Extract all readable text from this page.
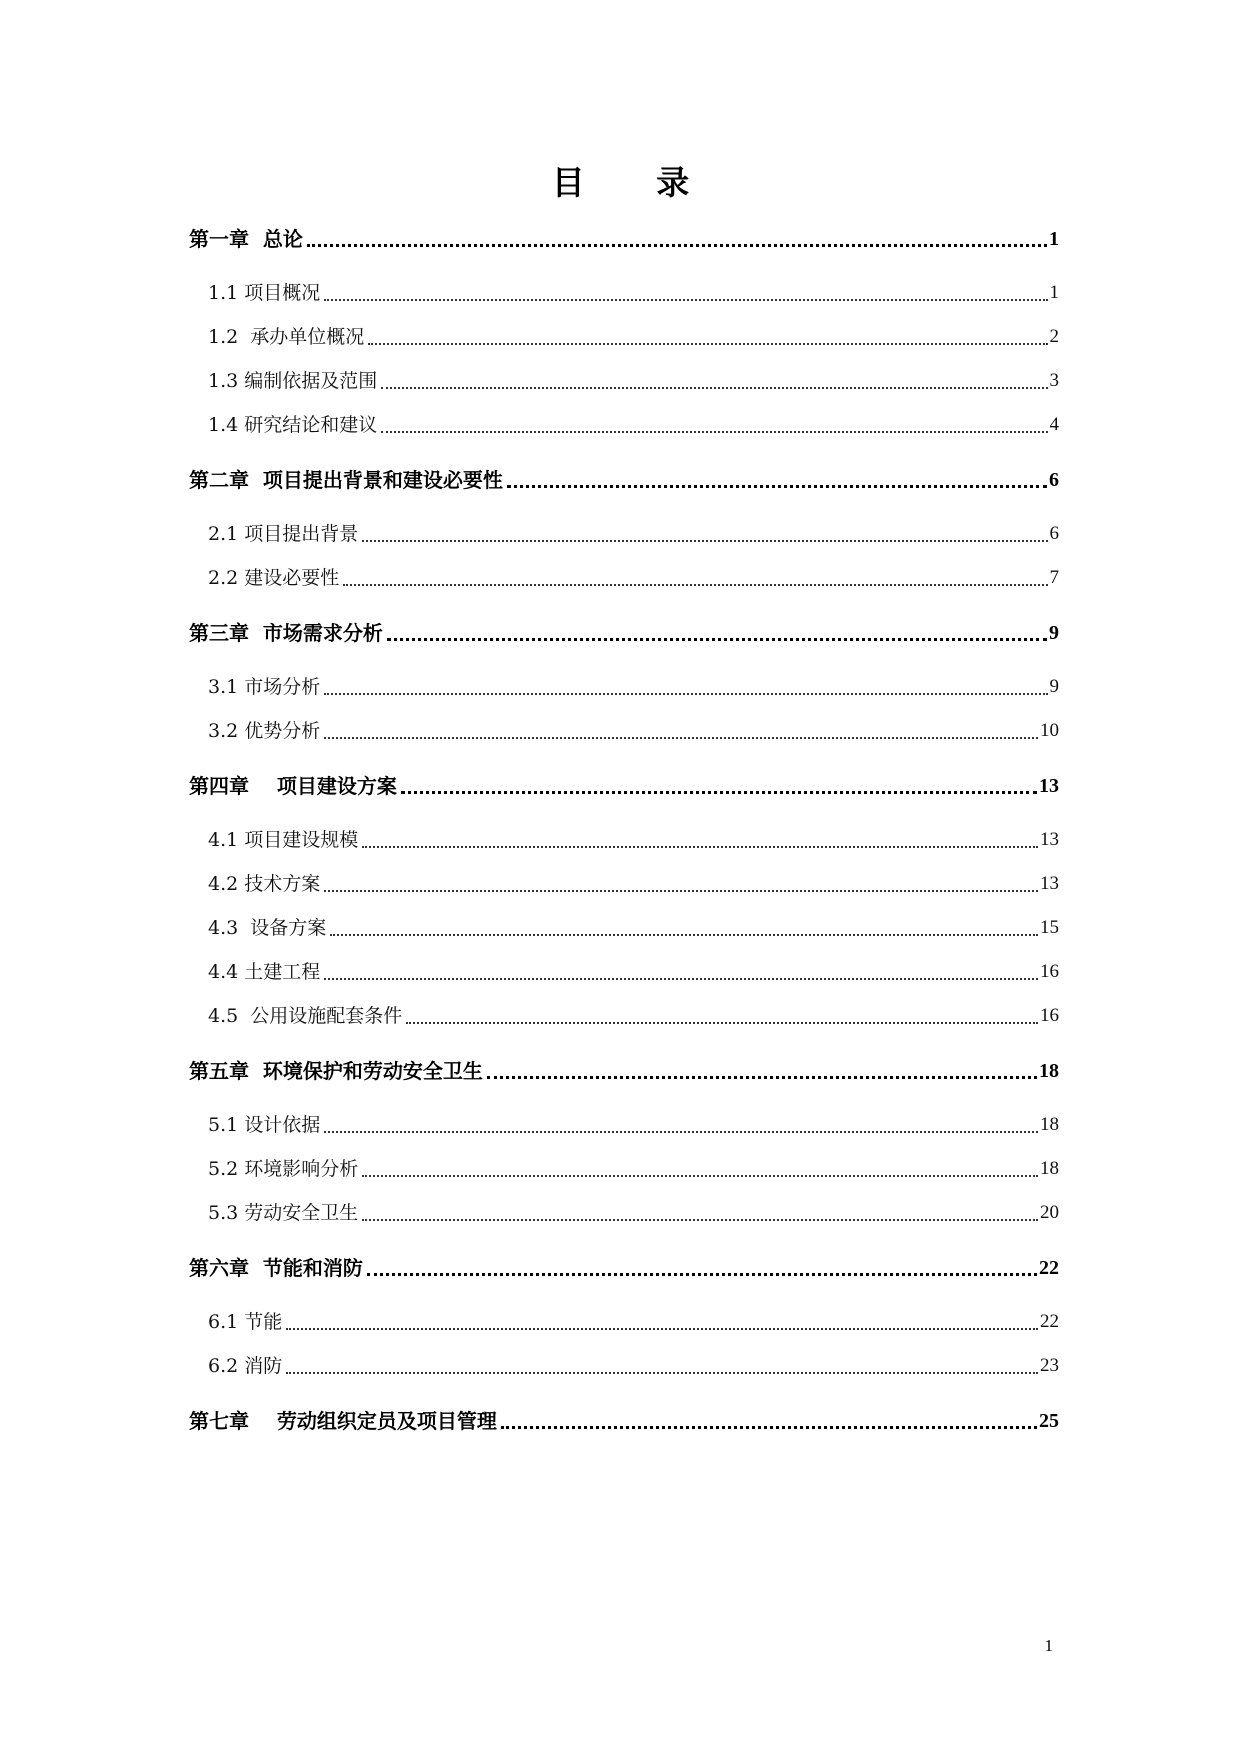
目 录
第一章  总论	1
1.1 项目概况	1
1.2  承办单位概况	2
1.3 编制依据及范围	3
1.4 研究结论和建议	4
第二章  项目提出背景和建设必要性	6
2.1 项目提出背景	6
2.2 建设必要性	7
第三章  市场需求分析	9
3.1 市场分析	9
3.2 优势分析	10
第四章    项目建设方案	13
4.1 项目建设规模	13
4.2 技术方案	13
4.3  设备方案	15
4.4 土建工程	16
4.5  公用设施配套条件	16
第五章  环境保护和劳动安全卫生	18
5.1 设计依据	18
5.2 环境影响分析	18
5.3 劳动安全卫生	20
第六章  节能和消防	22
6.1 节能	22
6.2 消防	23
第七章    劳动组织定员及项目管理	25
1
